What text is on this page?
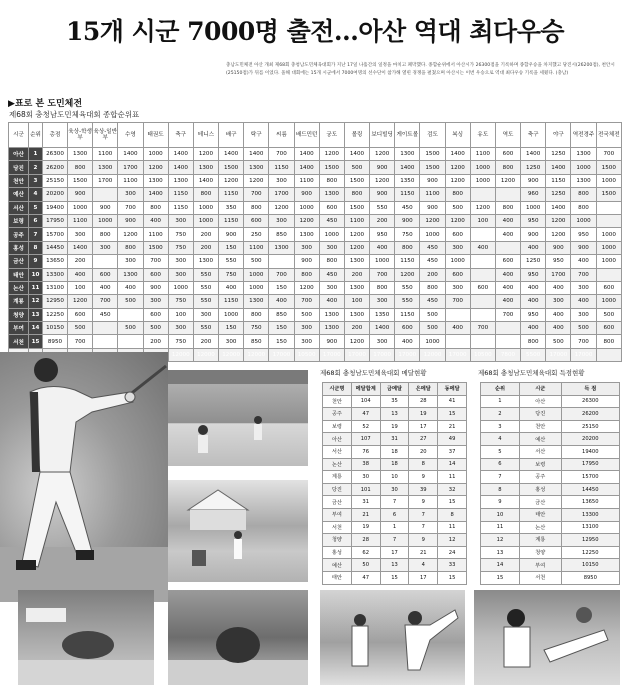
15개 시군 7000명 출전…아산 역대 최다우승
충남도민체전 아산 개최 제68회 충청남도민체육대회가 지난 17일 나흘간의 일정을 마치고 폐막했다. 종합순위에서 아산시가 26300점을 기록하며 종합우승을 차지했고 당진시(26200점), 천안시(25150점)가 뒤를 이었다. 올해 대회에는 15개 시군에서 7000여명의 선수단이 참가해 열띤 경쟁을 펼쳤으며 아산시는 이번 우승으로 역대 최다우승 기록을 세웠다. (충남)
▶표로 본 도민체전
제68회 충청남도민체육대회 종합순위표
시군	순위	총점	육상-학생부	육상-일반부	수영	태권도	축구	테니스	배구	탁구	씨름	배드민턴	궁도	볼링	보디빌딩	게이트볼	검도	복싱	유도	역도	축구	야구	역전경주	전국체전
아산	1	26300	1300	1100	1400	1000	1400	1200	1400	1400	700	1400	1200	1400	1200	1300	1500	1400	1100	600	1400	1250	1300	700
당진	2	26200	800	1300	1700	1200	1400	1300	1500	1300	1150	1400	1500	500	900	1400	1500	1200	1000	800	1250	1400	1000	1500
천안	3	25150	1500	1700	1100	1300	1300	1400	1200	1200	300	1100	800	1500	1200	1350	900	1200	1000	1200	900	1150	1300	1000
예산	4	20200	900		300	1400	1150	800	1150	700	1700	900	1300	800	900	1150	1100	800			960	1250	800	1500
서산	5	19400	1000	900	700	800	1150	1000	350	800	1200	1000	600	1500	550	450	900	500	1200	800	1000	1400	800	
보령	6	17950	1100	1000	900	400	300	1000	1150	600	300	1200	450	1100	200	900	1200	1200	100	400	950	1200	1000	
공주	7	15700	300	800	1200	1100	750	200	900	250	850	1300	1000	1200	950	750	1000	600		400	900	1200	950	1000
홍성	8	14450	1400	300	800	1500	750	200	150	1100	1300	300	300	1200	400	800	450	300	400		400	900	900	1000
금산	9	13650	200		300	700	300	1300	550	500		900	800	1300	1000	1150	450	1000		600	1250	950	400	1000
태안	10	13300	400	600	1300	600	300	550	750	1000	700	800	450	200	700	1200	200	600		400	950	1700	700	
논산	11	13100	100	400	400	900	1000	550	400	1000	150	1200	300	1300	800	550	800	300	600	400	400	400	300	600
계룡	12	12950	1200	700	500	300	750	550	1150	1300	400	700	400	100	300	550	450	700		400	400	300	400	1000
청양	13	12250	600	450		600	100	300	1000	800	850	500	1300	1300	1350	1150	500			700	950	400	300	500
부여	14	10150	500		500	500	300	550	150	750	150	300	1300	200	1400	600	500	400	700		400	400	500	600
서천	15	8950	700			200	750	200	300	850	150	300	900	1200	300	400	1000				800	500	700	800
							12000	12000	12000	12000	17000	10500	17000	17000	17000	17000	12000	17000	10500	7800	5500	17000	17000	
제68회 충청남도민체육대회 메달현황
시군명	메달합계	금메달	은메달	동메달
천안	104	35	28	41
공주	47	13	19	15
보령	52	19	17	21
아산	107	31	27	49
서산	76	18	20	37
논산	38	18	8	14
계룡	30	10	9	11
당진	101	30	39	32
금산	31	7	9	15
부여	21	6	7	8
서천	19	1	7	11
청양	28	7	9	12
홍성	62	17	21	24
예산	50	13	4	33
태안	47	15	17	15
제68회 충청남도민체육대회 득점현황
순위	시군	득 점
1	아산	26300
2	당진	26200
3	천안	25150
4	예산	20200
5	서산	19400
6	보령	17950
7	공주	15700
8	홍성	14450
9	금산	13650
10	태안	13300
11	논산	13100
12	계룡	12950
13	청양	12250
14	부여	10150
15	서천	8950
